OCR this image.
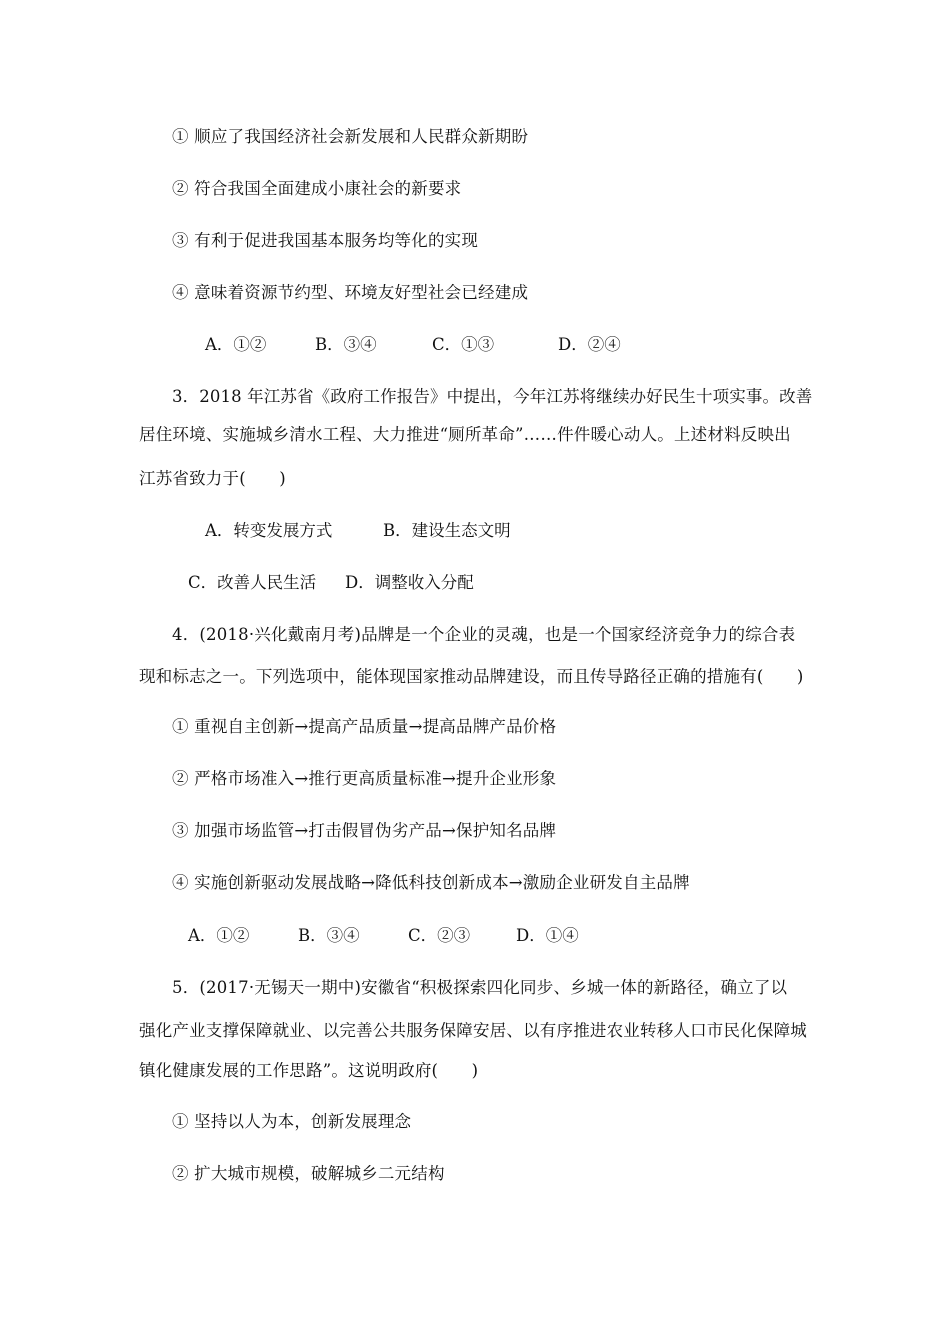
① 顺应了我国经济社会新发展和人民群众新期盼
② 符合我国全面建成小康社会的新要求
③ 有利于促进我国基本服务均等化的实现
④ 意味着资源节约型、环境友好型社会已经建成
A．①②	B．③④	C．①③	D．②④
3．2018 年江苏省《政府工作报告》中提出，今年江苏将继续办好民生十项实事。改善
居住环境、实施城乡清水工程、大力推进“厕所革命”……件件暖心动人。上述材料反映出
江苏省致力于(　　)
A．转变发展方式	B．建设生态文明
C．改善人民生活 D．调整收入分配
4．(2018·兴化戴南月考)品牌是一个企业的灵魂，也是一个国家经济竞争力的综合表
现和标志之一。下列选项中，能体现国家推动品牌建设，而且传导路径正确的措施有(　　)
① 重视自主创新→提高产品质量→提高品牌产品价格
② 严格市场准入→推行更高质量标准→提升企业形象
③ 加强市场监管→打击假冒伪劣产品→保护知名品牌
④ 实施创新驱动发展战略→降低科技创新成本→激励企业研发自主品牌
A．①②	B．③④	C．②③	D．①④
5．(2017·无锡天一期中)安徽省“积极探索四化同步、乡城一体的新路径，确立了以
强化产业支撑保障就业、以完善公共服务保障安居、以有序推进农业转移人口市民化保障城
镇化健康发展的工作思路”。这说明政府(　　)
① 坚持以人为本，创新发展理念
② 扩大城市规模，破解城乡二元结构
